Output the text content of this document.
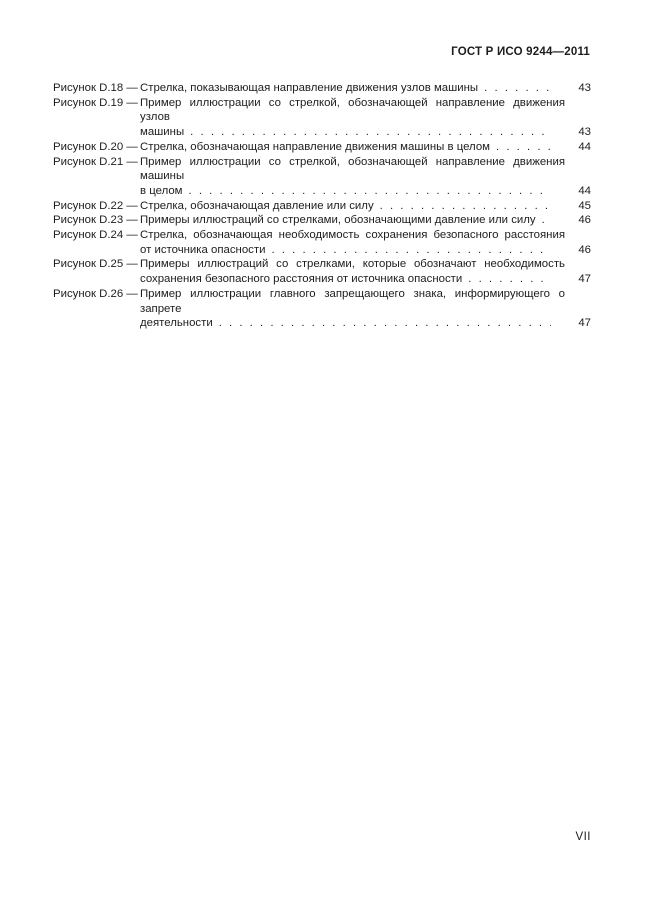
ГОСТ Р ИСО 9244—2011
Рисунок D.18 — Стрелка, показывающая направление движения узлов машины . . .	43
Рисунок D.19 — Пример иллюстрации со стрелкой, обозначающей направление движения узлов
машины . . .	43
Рисунок D.20 — Стрелка, обозначающая направление движения машины в целом . . .	44
Рисунок D.21 — Пример иллюстрации со стрелкой, обозначающей направление движения машины
в целом . . .	44
Рисунок D.22 — Стрелка, обозначающая давление или силу . . .	45
Рисунок D.23 — Примеры иллюстраций со стрелками, обозначающими давление или силу . . .	46
Рисунок D.24 — Стрелка, обозначающая необходимость сохранения безопасного расстояния
от источника опасности . . .	46
Рисунок D.25 — Примеры иллюстраций со стрелками, которые обозначают необходимость
сохранения безопасного расстояния от источника опасности . . .	47
Рисунок D.26 — Пример иллюстрации главного запрещающего знака, информирующего о запрете
деятельности . . .	47
VII
